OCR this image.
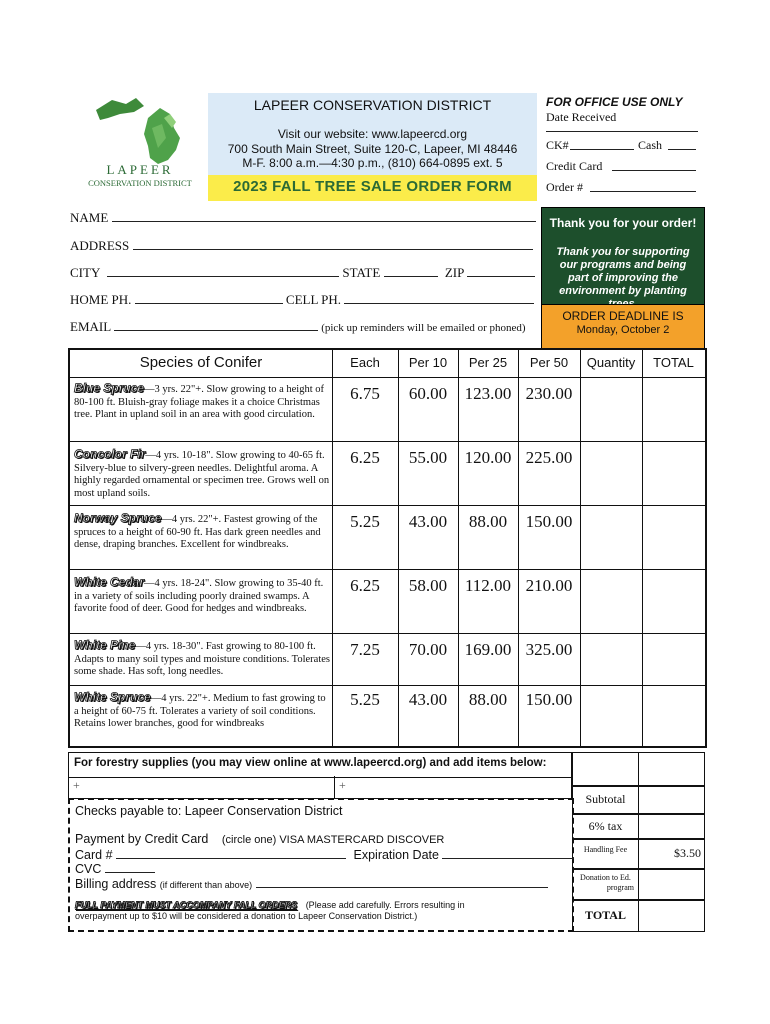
LAPEER
CONSERVATION DISTRICT
LAPEER CONSERVATION DISTRICT
Visit our website: www.lapeercd.org
700 South Main Street, Suite 120-C, Lapeer, MI 48446
M-F. 8:00 a.m.—4:30 p.m., (810) 664-0895 ext. 5
2023 FALL TREE SALE ORDER FORM
FOR OFFICE USE ONLY
Date Received
CK#	Cash
Credit Card
Order #
NAME
ADDRESS
CITY	STATE	ZIP
HOME PH.	CELL PH.
EMAIL	(pick up reminders will be emailed or phoned)
Thank you for your order!
Thank you for supporting our programs and being part of improving the environment by planting
ORDER DEADLINE IS
Monday, October 2
Species of Conifer	Each	Per 10	Per 25	Per 50	Quantity	TOTAL
Blue Spruce—3 yrs. 22"+. Slow growing to a height of 80-100 ft. Bluish-gray foliage makes it a choice Christmas tree. Plant in upland soil in an area with good circulation.
6.75	60.00	123.00 230.00
Concolor Fir—4 yrs. 10-18". Slow growing to 40-65 ft. Silvery-blue to silvery-green needles. Delightful aroma. A highly regarded ornamental or specimen tree. Grows well on most upland soils.
6.25	55.00	120.00 225.00
Norway Spruce—4 yrs. 22"+. Fastest growing of the spruces to a height of 60-90 ft. Has dark green needles and dense, draping branches. Excellent for windbreaks.
5.25	43.00	88.00	150.00
White Cedar—4 yrs. 18-24". Slow growing to 35-40 ft. in a variety of soils including poorly drained swamps. A favorite food of deer. Good for hedges and windbreaks.
6.25	58.00	112.00 210.00
White Pine—4 yrs. 18-30". Fast growing to 80-100 ft. Adapts to many soil types and moisture conditions. Tolerates some shade. Has soft, long needles.
7.25	70.00	169.00 325.00
White Spruce—4 yrs. 22"+. Medium to fast growing to a height of 60-75 ft. Tolerates a variety of soil conditions. Retains lower branches, good for windbreaks
5.25	43.00	88.00	150.00
For forestry supplies (you may view online at www.lapeercd.org) and add items below:
+	+
Subtotal
6% tax
Handling Fee	$3.50
Donation to Ed.
program
TOTAL
Checks payable to: Lapeer Conservation District
Payment by Credit Card (circle one) VISA MASTERCARD DISCOVER
Card #	Expiration Date
CVC
Billing address (if different than above)
FULL PAYMENT MUST ACCOMPANY FALL ORDERS (Please add carefully. Errors resulting in
overpayment up to $10 will be considered a donation to Lapeer Conservation District.)
